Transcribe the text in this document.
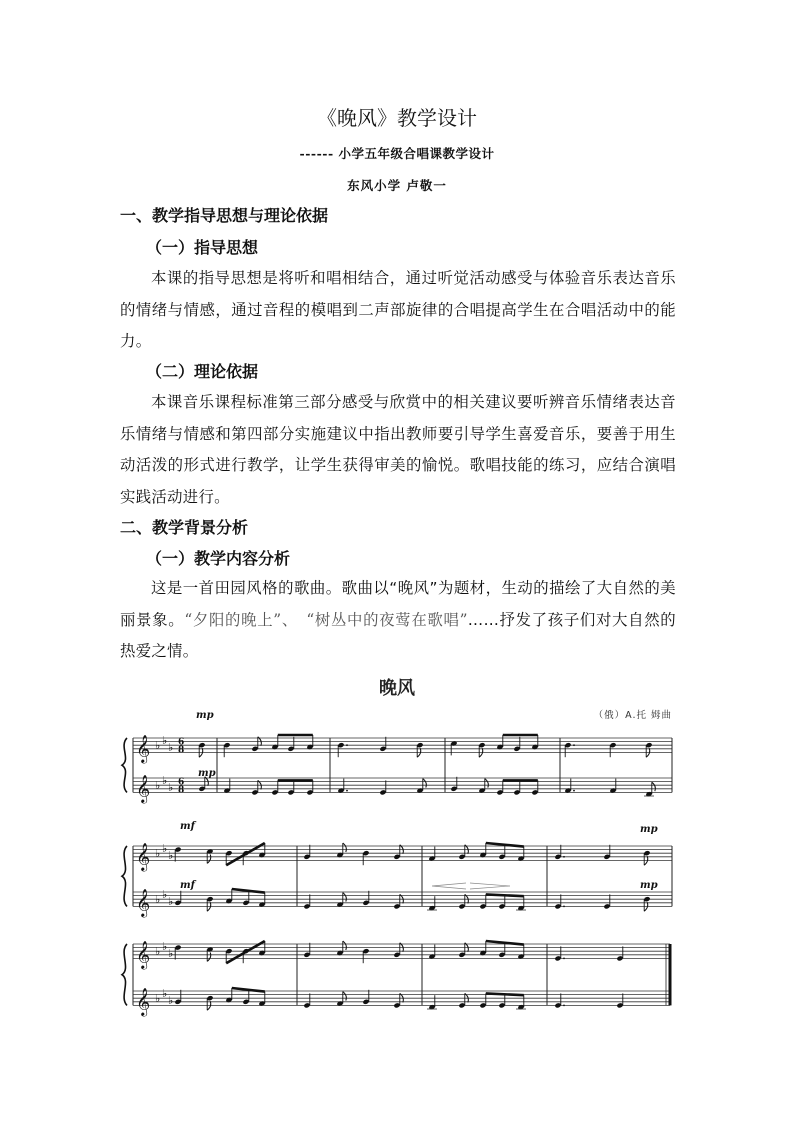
《晚风》教学设计
------ 小学五年级合唱课教学设计
东风小学 卢敬一
一、教学指导思想与理论依据
（一）指导思想
本课的指导思想是将听和唱相结合，通过听觉活动感受与体验音乐表达音乐的情绪与情感，通过音程的模唱到二声部旋律的合唱提高学生在合唱活动中的能力。
（二）理论依据
本课音乐课程标准第三部分感受与欣赏中的相关建议要听辨音乐情绪表达音乐情绪与情感和第四部分实施建议中指出教师要引导学生喜爱音乐，要善于用生动活泼的形式进行教学，让学生获得审美的愉悦。歌唱技能的练习，应结合演唱实践活动进行。
二、教学背景分析
（一）教学内容分析
这是一首田园风格的歌曲。歌曲以“晚风”为题材，生动的描绘了大自然的美丽景象。“夕阳的晚上”、　 “树丛中的夜莺在歌唱”……抒发了孩子们对大自然的热爱之情。
晚风
（俄）A.托 姆曲
𝄞 ♭ ♭
♭ 6
8
𝄞 ♭ ♭
♭ 6
8
mp
mp
𝄞 ♭ ♭
♭
𝄞 ♭ ♭
♭
mf
mf
mp
mp
𝄞 ♭ ♭
♭
𝄞 ♭ ♭
♭
